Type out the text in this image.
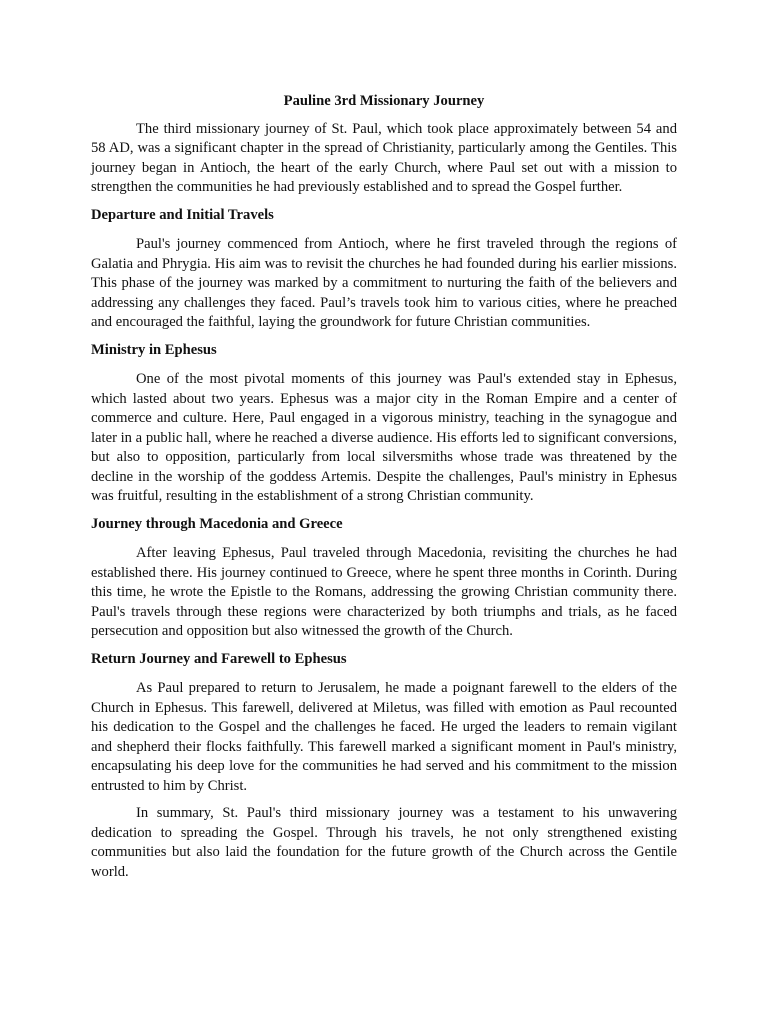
Pauline 3rd Missionary Journey

The third missionary journey of St. Paul, which took place approximately between 54 and 58 AD, was a significant chapter in the spread of Christianity, particularly among the Gentiles. This journey began in Antioch, the heart of the early Church, where Paul set out with a mission to strengthen the communities he had previously established and to spread the Gospel further.

Departure and Initial Travels

Paul's journey commenced from Antioch, where he first traveled through the regions of Galatia and Phrygia. His aim was to revisit the churches he had founded during his earlier missions. This phase of the journey was marked by a commitment to nurturing the faith of the believers and addressing any challenges they faced. Paul’s travels took him to various cities, where he preached and encouraged the faithful, laying the groundwork for future Christian communities.

Ministry in Ephesus

One of the most pivotal moments of this journey was Paul's extended stay in Ephesus, which lasted about two years. Ephesus was a major city in the Roman Empire and a center of commerce and culture. Here, Paul engaged in a vigorous ministry, teaching in the synagogue and later in a public hall, where he reached a diverse audience. His efforts led to significant conversions, but also to opposition, particularly from local silversmiths whose trade was threatened by the decline in the worship of the goddess Artemis. Despite the challenges, Paul's ministry in Ephesus was fruitful, resulting in the establishment of a strong Christian community.

Journey through Macedonia and Greece

After leaving Ephesus, Paul traveled through Macedonia, revisiting the churches he had established there. His journey continued to Greece, where he spent three months in Corinth. During this time, he wrote the Epistle to the Romans, addressing the growing Christian community there. Paul's travels through these regions were characterized by both triumphs and trials, as he faced persecution and opposition but also witnessed the growth of the Church.

Return Journey and Farewell to Ephesus

As Paul prepared to return to Jerusalem, he made a poignant farewell to the elders of the Church in Ephesus. This farewell, delivered at Miletus, was filled with emotion as Paul recounted his dedication to the Gospel and the challenges he faced. He urged the leaders to remain vigilant and shepherd their flocks faithfully. This farewell marked a significant moment in Paul's ministry, encapsulating his deep love for the communities he had served and his commitment to the mission entrusted to him by Christ.

In summary, St. Paul's third missionary journey was a testament to his unwavering dedication to spreading the Gospel. Through his travels, he not only strengthened existing communities but also laid the foundation for the future growth of the Church across the Gentile world.
